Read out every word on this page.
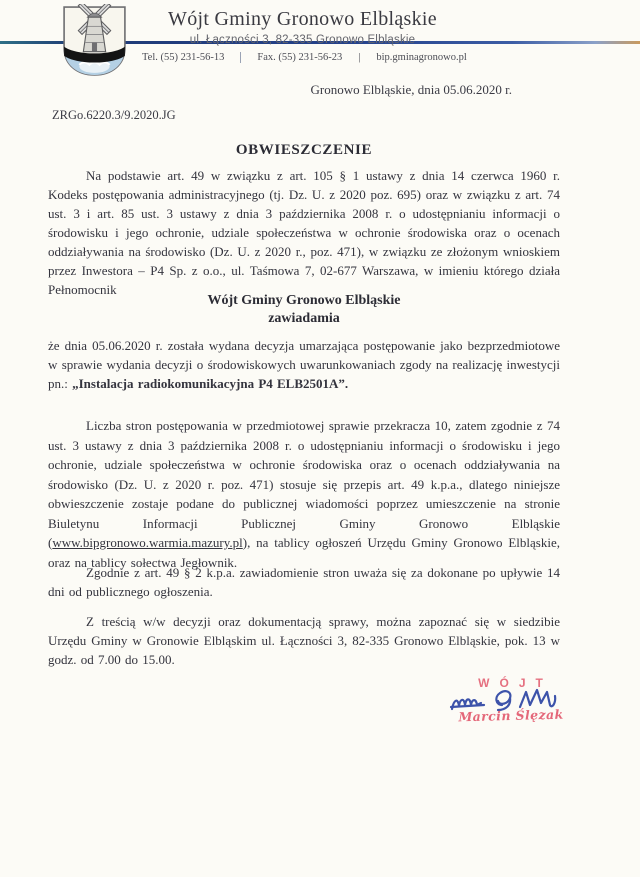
Wójt Gminy Gronowo Elbląskie
ul. Łączności 3, 82-335 Gronowo Elbląskie
Tel. (55) 231-56-13	Fax. (55) 231-56-23 | bip.gminagronowo.pl
Gronowo Elbląskie, dnia 05.06.2020 r.
ZRGo.6220.3/9.2020.JG
OBWIESZCZENIE
Na podstawie art. 49 w związku z art. 105 § 1 ustawy z dnia 14 czerwca 1960 r. Kodeks postępowania administracyjnego (tj. Dz. U. z 2020 poz. 695) oraz w związku z art. 74 ust. 3 i art. 85 ust. 3 ustawy z dnia 3 października 2008 r. o udostępnianiu informacji o środowisku i jego ochronie, udziale społeczeństwa w ochronie środowiska oraz o ocenach oddziaływania na środowisko (Dz. U. z 2020 r., poz. 471), w związku ze złożonym wnioskiem przez Inwestora – P4 Sp. z o.o., ul. Taśmowa 7, 02-677 Warszawa, w imieniu którego działa Pełnomocnik
Wójt Gminy Gronowo Elbląskie
zawiadamia
że dnia 05.06.2020 r. została wydana decyzja umarzająca postępowanie jako bezprzedmiotowe w sprawie wydania decyzji o środowiskowych uwarunkowaniach zgody na realizację inwestycji pn.: „Instalacja radiokomunikacyjna P4 ELB2501A”.
Liczba stron postępowania w przedmiotowej sprawie przekracza 10, zatem zgodnie z 74 ust. 3 ustawy z dnia 3 października 2008 r. o udostępnianiu informacji o środowisku i jego ochronie, udziale społeczeństwa w ochronie środowiska oraz o ocenach oddziaływania na środowisko (Dz. U. z 2020 r. poz. 471) stosuje się przepis art. 49 k.p.a., dlatego niniejsze obwieszczenie zostaje podane do publicznej wiadomości poprzez umieszczenie na stronie Biuletynu Informacji Publicznej Gminy Gronowo Elbląskie (www.bipgronowo.warmia.mazury.pl), na tablicy ogłoszeń Urzędu Gminy Gronowo Elbląskie, oraz na tablicy sołectwa Jegłownik.
Zgodnie z art. 49 § 2 k.p.a. zawiadomienie stron uważa się za dokonane po upływie 14 dni od publicznego ogłoszenia.
Z treścią w/w decyzji oraz dokumentacją sprawy, można zapoznać się w siedzibie Urzędu Gminy w Gronowie Elbląskim ul. Łączności 3, 82-335 Gronowo Elbląskie, pok. 13 w godz. od 7.00 do 15.00.
WÓJT
Marcin Ślęzak
